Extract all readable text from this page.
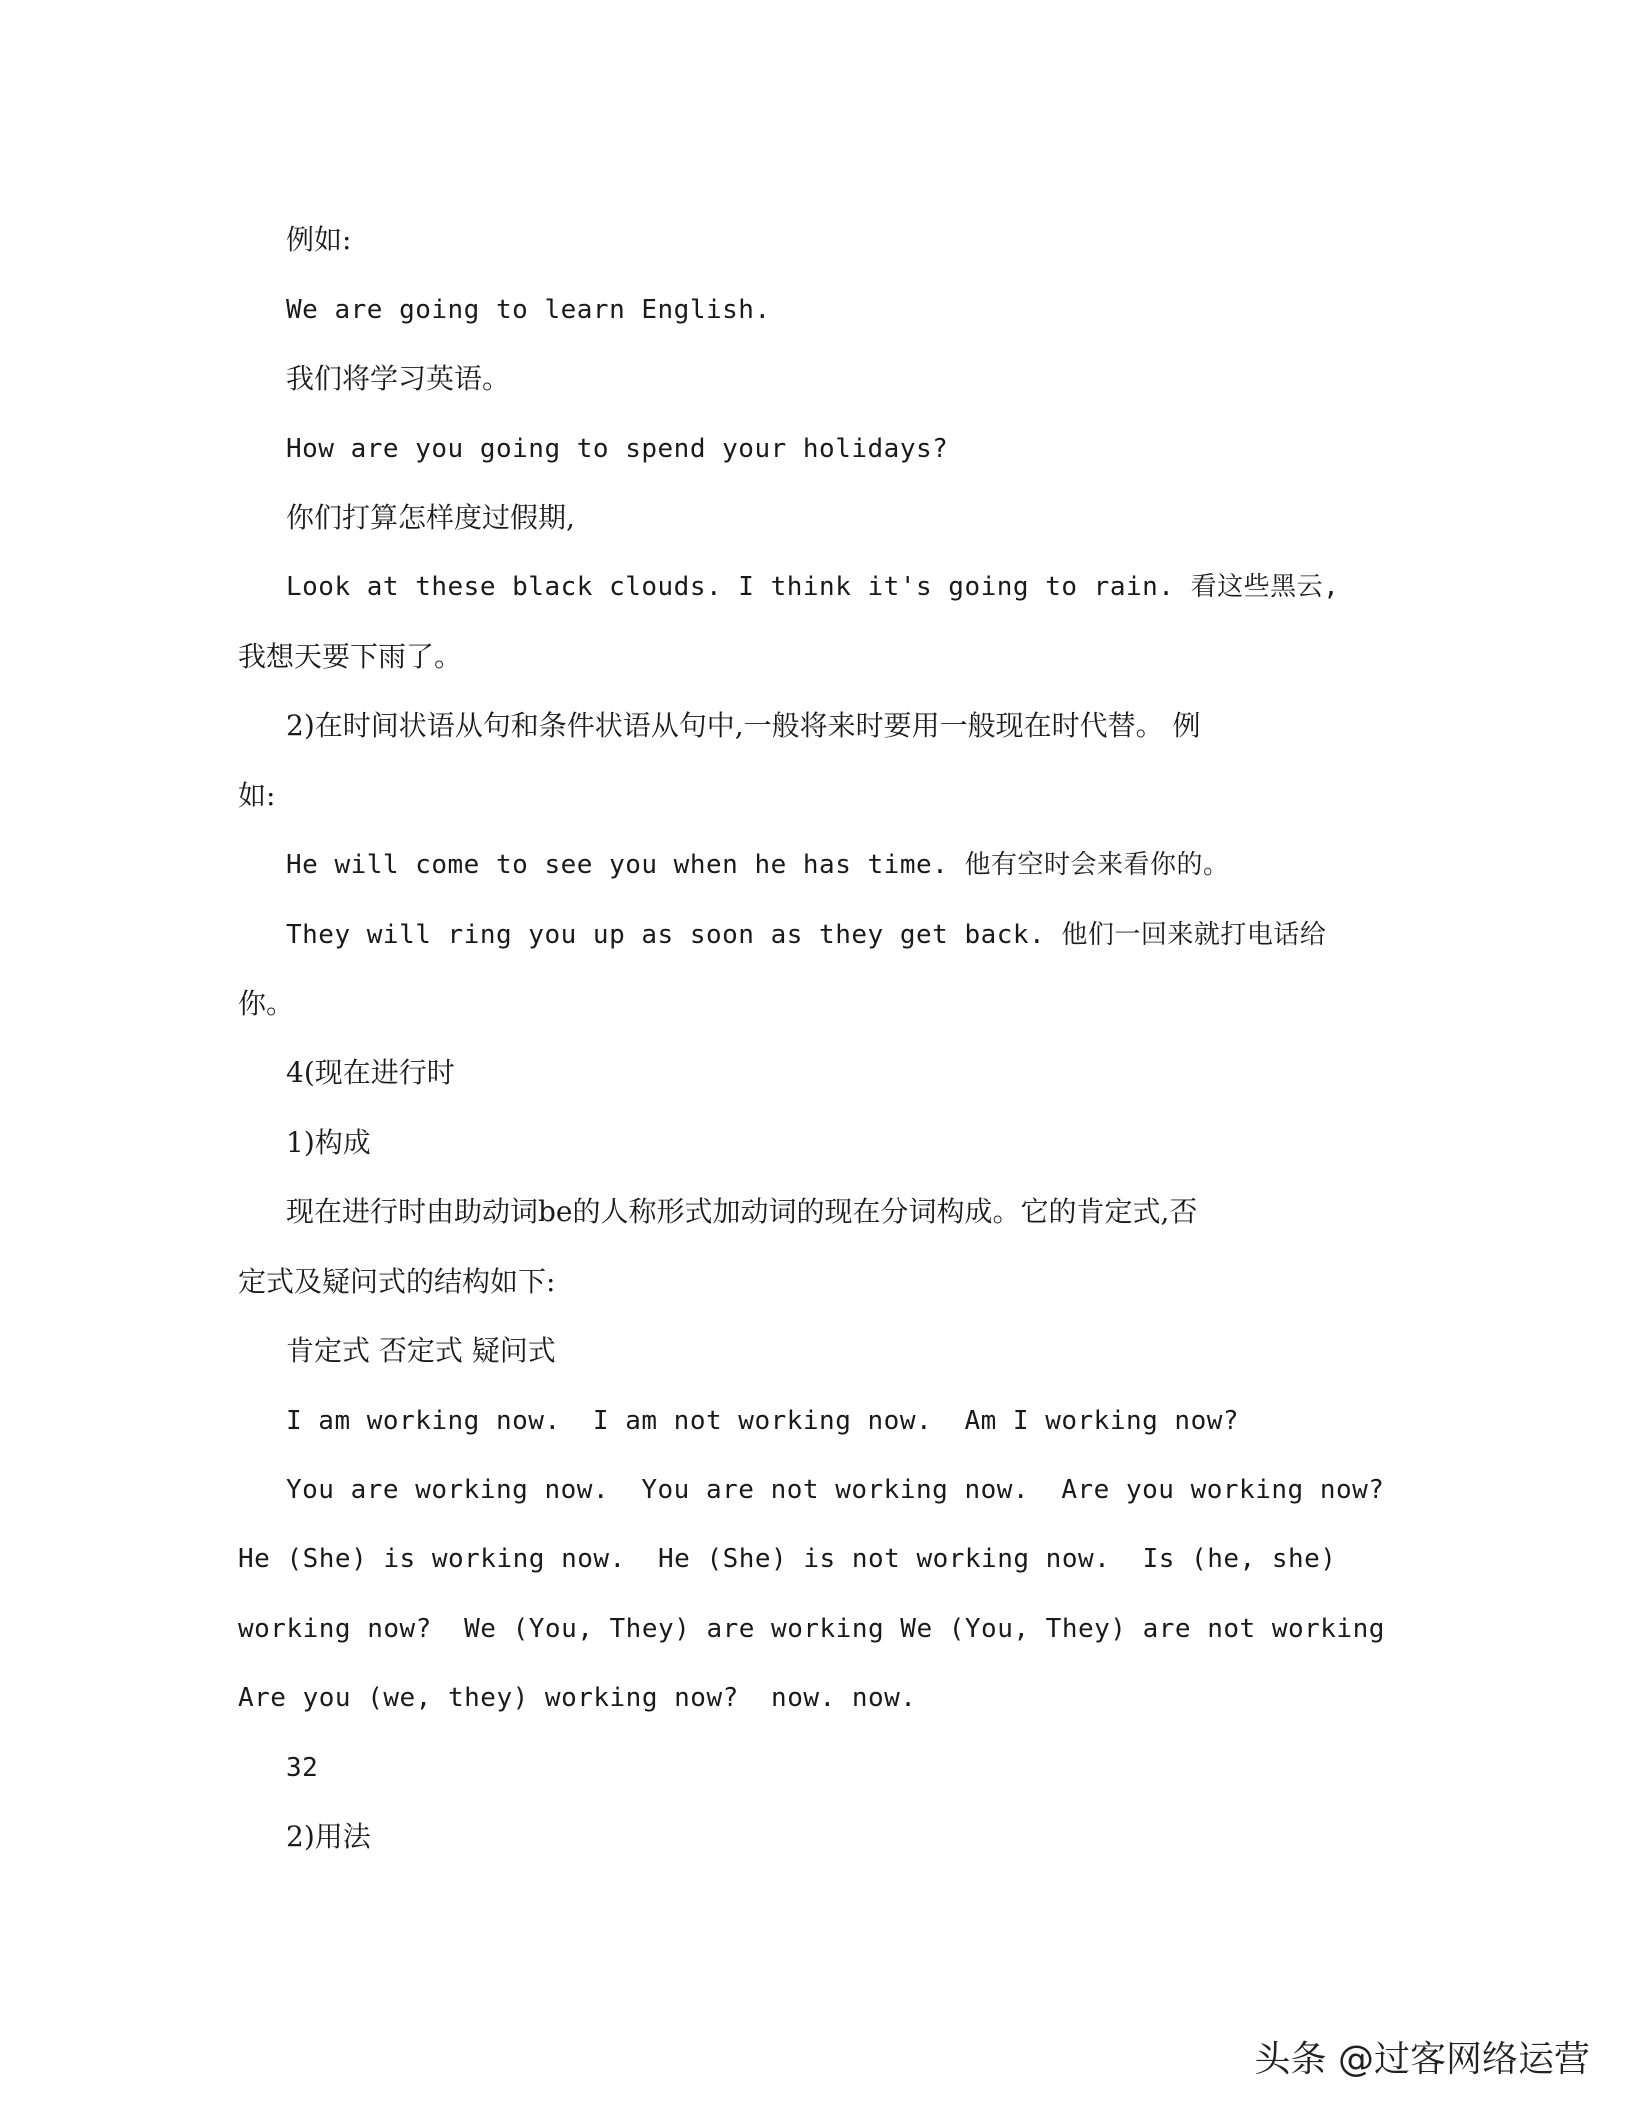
例如:

We are going to learn English.

我们将学习英语。

How are you going to spend your holidays?

你们打算怎样度过假期,

Look at these black clouds. I think it's going to rain. 看这些黑云,

我想天要下雨了。

2)在时间状语从句和条件状语从句中,一般将来时要用一般现在时代替。 例

如:

He will come to see you when he has time. 他有空时会来看你的。

They will ring you up as soon as they get back. 他们一回来就打电话给

你。

4(现在进行时

1)构成

现在进行时由助动词be的人称形式加动词的现在分词构成。它的肯定式,否

定式及疑问式的结构如下:

肯定式 否定式 疑问式

I am working now.  I am not working now.  Am I working now?

You are working now.  You are not working now.  Are you working now?

He (She) is working now.  He (She) is not working now.  Is (he, she)

working now?  We (You, They) are working We (You, They) are not working

Are you (we, they) working now?  now. now.

32

2)用法

头条 @过客网络运营
